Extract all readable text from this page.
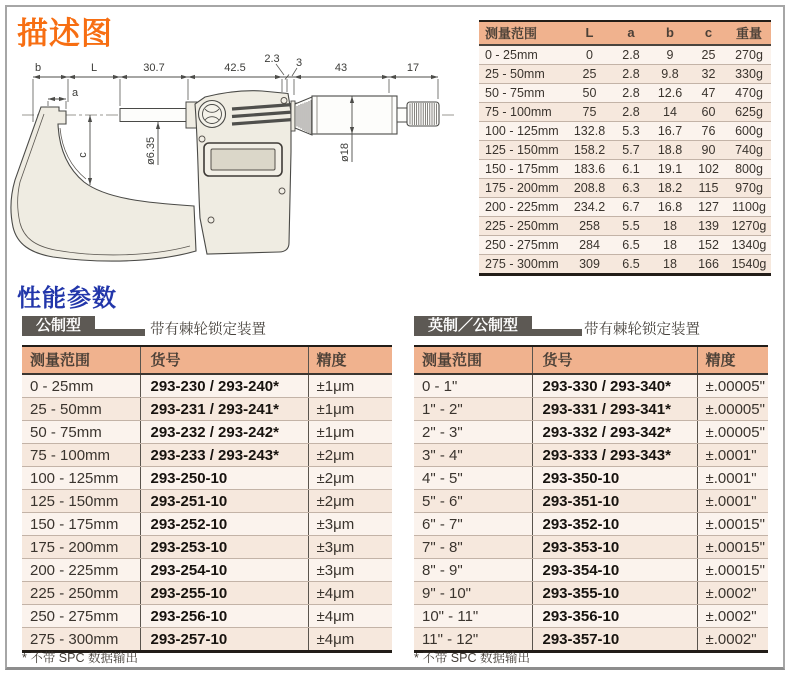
描述图
b	L	30.7	42.5
2.3 3	43	17
a
c	ø6.35	ø18
测量范围	L	a	b	c	重量
0 - 25mm	0	2.8	9	25	270g
25 - 50mm	25	2.8	9.8	32	330g
50 - 75mm	50	2.8	12.6	47	470g
75 - 100mm	75	2.8	14	60	625g
100 - 125mm	132.8	5.3	16.7	76	600g
125 - 150mm	158.2	5.7	18.8	90	740g
150 - 175mm	183.6	6.1	19.1	102	800g
175 - 200mm	208.8	6.3	18.2	115	970g
200 - 225mm	234.2	6.7	16.8	127	1100g
225 - 250mm	258	5.5	18	139	1270g
250 - 275mm	284	6.5	18	152	1340g
275 - 300mm	309	6.5	18	166	1540g
性能参数
公制型	带有棘轮锁定装置
测量范围	货号	精度
0 - 25mm	293-230 / 293-240*	±1μm
25 - 50mm	293-231 / 293-241*	±1μm
50 - 75mm	293-232 / 293-242*	±1μm
75 - 100mm	293-233 / 293-243*	±2μm
100 - 125mm	293-250-10	±2μm
125 - 150mm	293-251-10	±2μm
150 - 175mm	293-252-10	±3μm
175 - 200mm	293-253-10	±3μm
200 - 225mm	293-254-10	±3μm
225 - 250mm	293-255-10	±4μm
250 - 275mm	293-256-10	±4μm
275 - 300mm	293-257-10	±4μm
* 不带 SPC 数据输出
英制／公制型	带有棘轮锁定装置
测量范围	货号	精度
0 - 1"	293-330 / 293-340*	±.00005"
1" - 2"	293-331 / 293-341*	±.00005"
2" - 3"	293-332 / 293-342*	±.00005"
3" - 4"	293-333 / 293-343*	±.0001"
4" - 5"	293-350-10	±.0001"
5" - 6"	293-351-10	±.0001"
6" - 7"	293-352-10	±.00015"
7" - 8"	293-353-10	±.00015"
8" - 9"	293-354-10	±.00015"
9" - 10"	293-355-10	±.0002"
10" - 11"	293-356-10	±.0002"
11" - 12"	293-357-10	±.0002"
* 不带 SPC 数据输出
